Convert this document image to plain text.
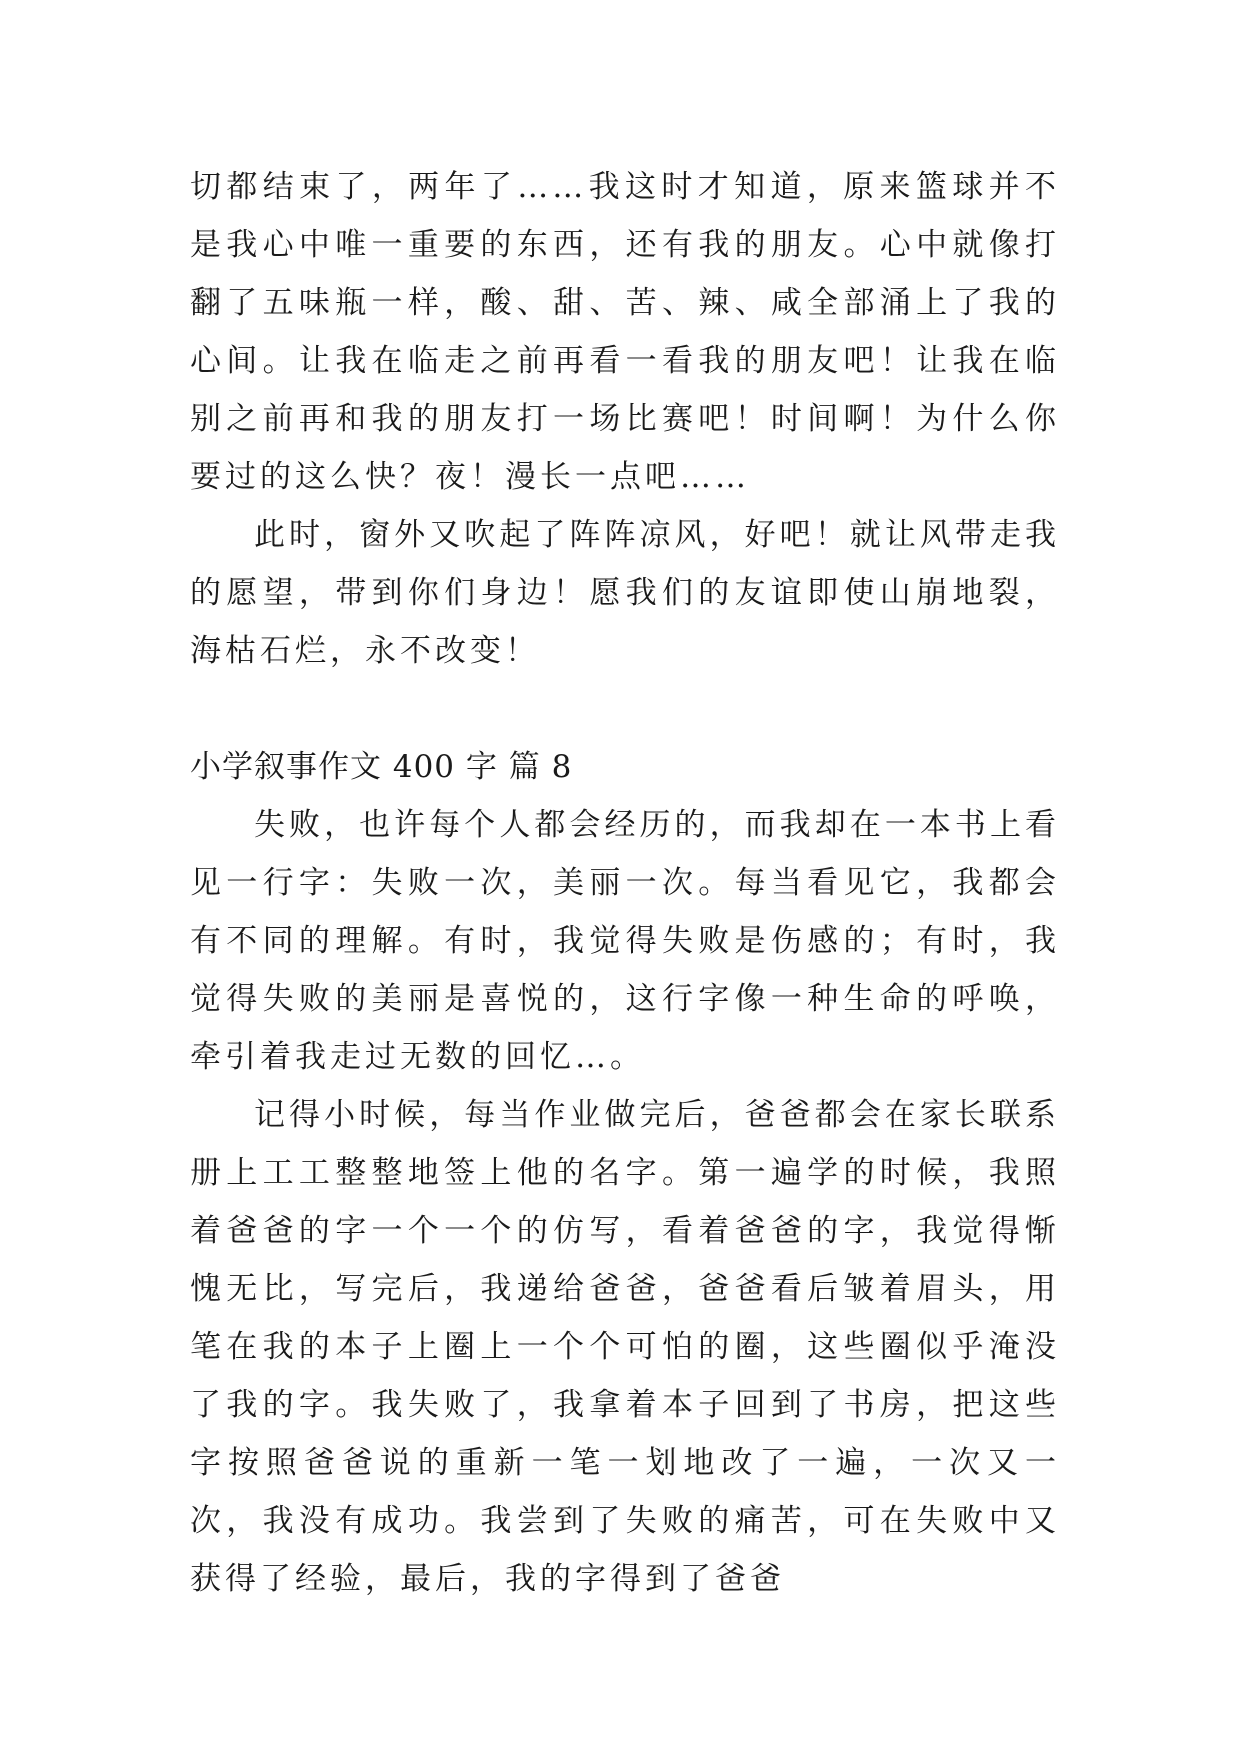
切都结束了，两年了……我这时才知道，原来篮球并不是我心中唯一重要的东西，还有我的朋友。心中就像打翻了五味瓶一样，酸、甜、苦、辣、咸全部涌上了我的心间。让我在临走之前再看一看我的朋友吧！让我在临别之前再和我的朋友打一场比赛吧！时间啊！为什么你要过的这么快？夜！漫长一点吧……

此时，窗外又吹起了阵阵凉风，好吧！就让风带走我的愿望，带到你们身边！愿我们的友谊即使山崩地裂，海枯石烂，永不改变！

小学叙事作文 400 字 篇 8

失败，也许每个人都会经历的，而我却在一本书上看见一行字：失败一次，美丽一次。每当看见它，我都会有不同的理解。有时，我觉得失败是伤感的；有时，我觉得失败的美丽是喜悦的，这行字像一种生命的呼唤，牵引着我走过无数的回忆…。

记得小时候，每当作业做完后，爸爸都会在家长联系册上工工整整地签上他的名字。第一遍学的时候，我照着爸爸的字一个一个的仿写，看着爸爸的字，我觉得惭愧无比，写完后，我递给爸爸，爸爸看后皱着眉头，用笔在我的本子上圈上一个个可怕的圈，这些圈似乎淹没了我的字。我失败了，我拿着本子回到了书房，把这些字按照爸爸说的重新一笔一划地改了一遍，一次又一次，我没有成功。我尝到了失败的痛苦，可在失败中又获得了经验，最后，我的字得到了爸爸
